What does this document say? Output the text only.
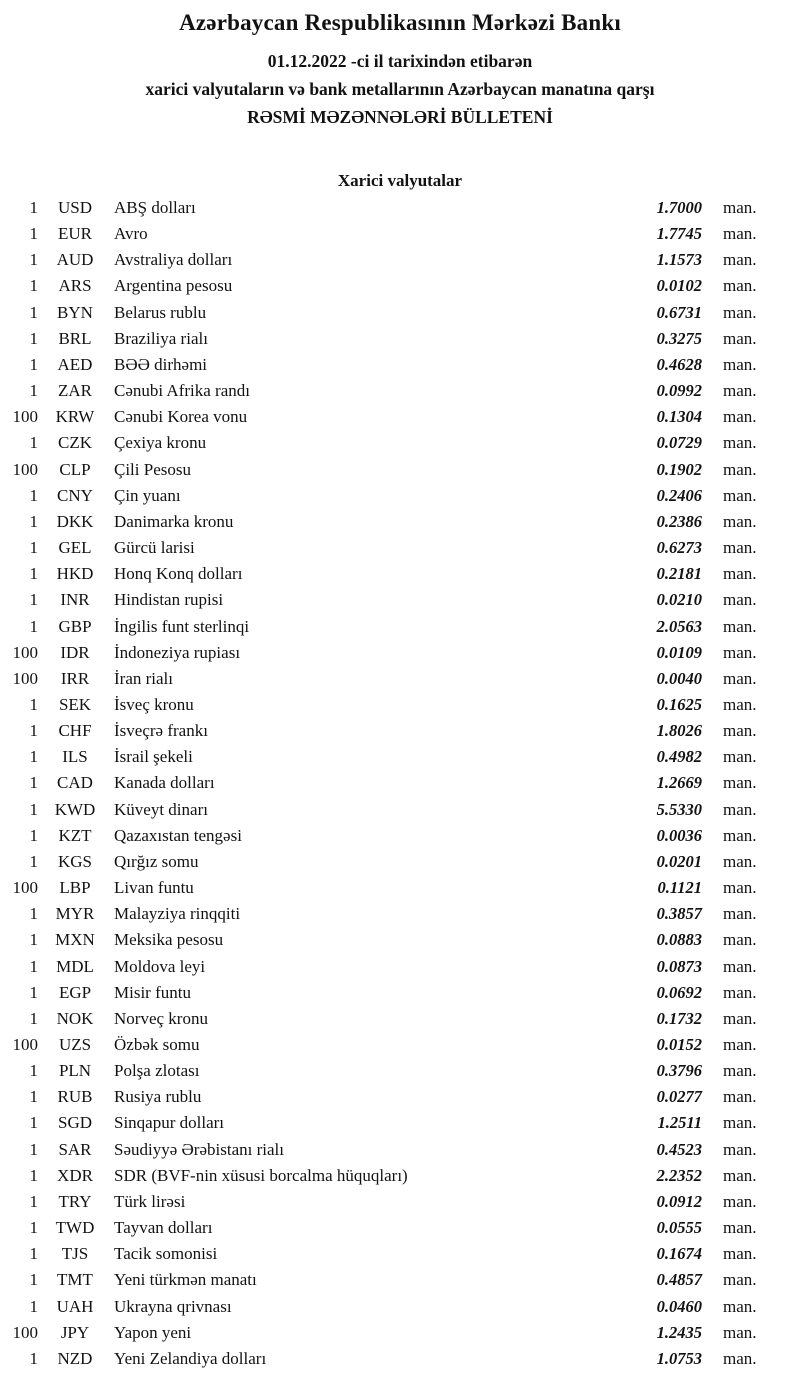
Azərbaycan Respublikasının Mərkəzi Bankı
01.12.2022 -ci il tarixindən etibarən
xarici valyutaların və bank metallarının Azərbaycan manatına qarşı
RƏSMİ MƏZƏNNƏLƏRİ BÜLLETENİ
Xarici valyutalar
1	USD	ABŞ dolları	1.7000	man.
1	EUR	Avro	1.7745	man.
1	AUD	Avstraliya dolları	1.1573	man.
1	ARS	Argentina pesosu	0.0102	man.
1	BYN	Belarus rublu	0.6731	man.
1	BRL	Braziliya rialı	0.3275	man.
1	AED	BƏƏ dirhəmi	0.4628	man.
1	ZAR	Cənubi Afrika randı	0.0992	man.
100	KRW	Cənubi Korea vonu	0.1304	man.
1	CZK	Çexiya kronu	0.0729	man.
100	CLP	Çili Pesosu	0.1902	man.
1	CNY	Çin yuanı	0.2406	man.
1	DKK	Danimarka kronu	0.2386	man.
1	GEL	Gürcü larisi	0.6273	man.
1	HKD	Honq Konq dolları	0.2181	man.
1	INR	Hindistan rupisi	0.0210	man.
1	GBP	İngilis funt sterlinqi	2.0563	man.
100	IDR	İndoneziya rupiası	0.0109	man.
100	IRR	İran rialı	0.0040	man.
1	SEK	İsveç kronu	0.1625	man.
1	CHF	İsveçrə frankı	1.8026	man.
1	ILS	İsrail şekeli	0.4982	man.
1	CAD	Kanada dolları	1.2669	man.
1 KWD	Küveyt dinarı	5.5330	man.
1	KZT	Qazaxıstan tengəsi	0.0036	man.
1	KGS	Qırğız somu	0.0201	man.
100	LBP	Livan funtu	0.1121	man.
1	MYR	Malayziya rinqqiti	0.3857	man.
1	MXN	Meksika pesosu	0.0883	man.
1	MDL	Moldova leyi	0.0873	man.
1	EGP	Misir funtu	0.0692	man.
1	NOK	Norveç kronu	0.1732	man.
100	UZS	Özbək somu	0.0152	man.
1	PLN	Polşa zlotası	0.3796	man.
1	RUB	Rusiya rublu	0.0277	man.
1	SGD	Sinqapur dolları	1.2511	man.
1	SAR	Səudiyyə Ərəbistanı rialı	0.4523	man.
1	XDR	SDR (BVF-nin xüsusi borcalma hüquqları)	2.2352	man.
1	TRY	Türk lirəsi	0.0912	man.
1	TWD	Tayvan dolları	0.0555	man.
1	TJS	Tacik somonisi	0.1674	man.
1	TMT	Yeni türkmən manatı	0.4857	man.
1	UAH	Ukrayna qrivnası	0.0460	man.
100	JPY	Yapon yeni	1.2435	man.
1	NZD	Yeni Zelandiya dolları	1.0753	man.
